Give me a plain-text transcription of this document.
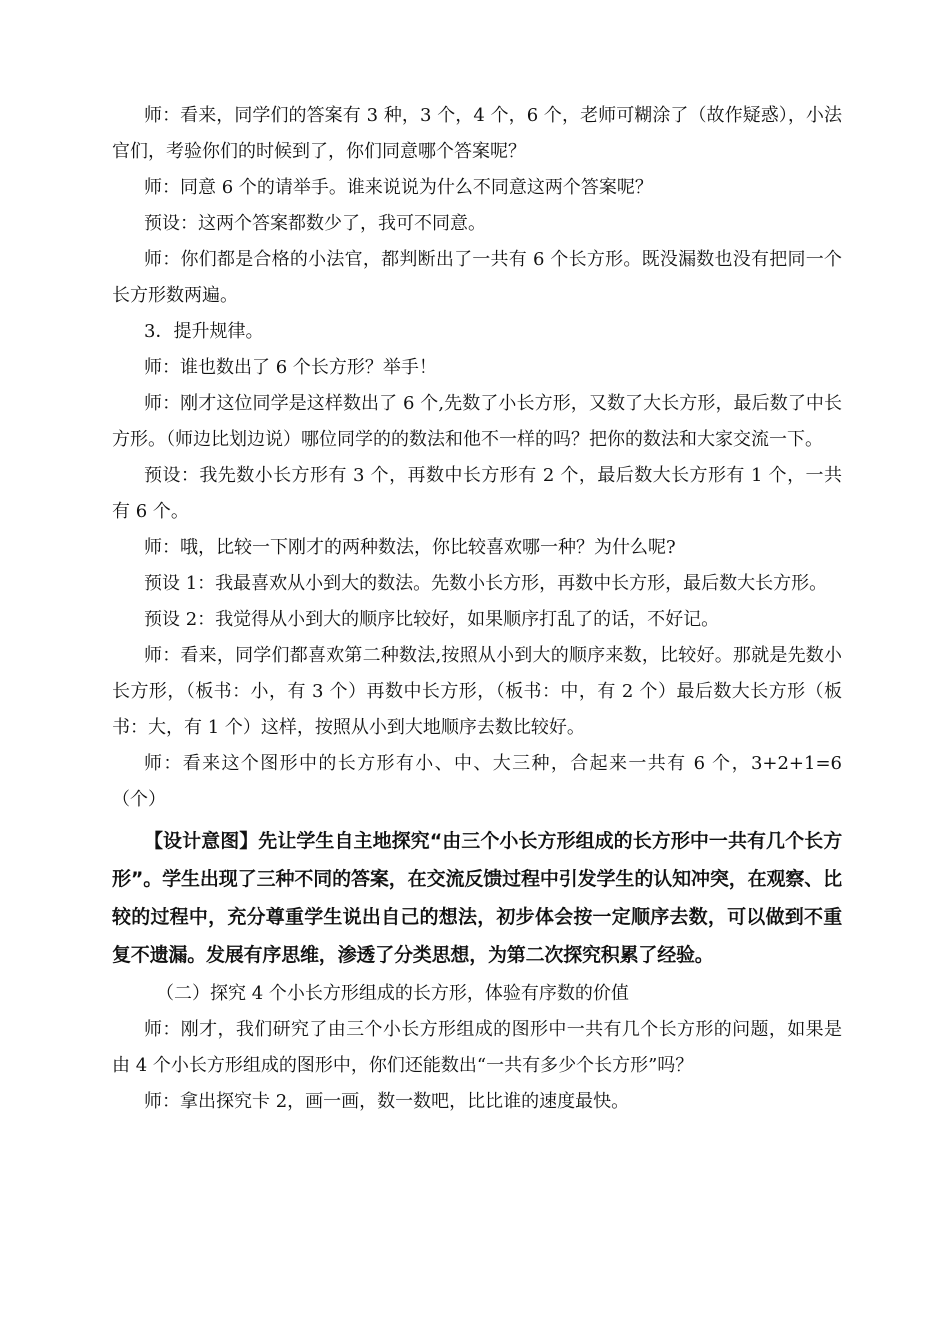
师：看来，同学们的答案有 3 种，3 个，4 个，6 个，老师可糊涂了（故作疑惑），小法官们，考验你们的时候到了，你们同意哪个答案呢？

师：同意 6 个的请举手。谁来说说为什么不同意这两个答案呢？

预设：这两个答案都数少了，我可不同意。

师：你们都是合格的小法官，都判断出了一共有 6 个长方形。既没漏数也没有把同一个长方形数两遍。

3．提升规律。

师：谁也数出了 6 个长方形？举手！

师：刚才这位同学是这样数出了 6 个,先数了小长方形，又数了大长方形，最后数了中长方形。（师边比划边说）哪位同学的的数法和他不一样的吗？把你的数法和大家交流一下。

预设：我先数小长方形有 3 个，再数中长方形有 2 个，最后数大长方形有 1 个，一共有 6 个。

师：哦，比较一下刚才的两种数法，你比较喜欢哪一种？为什么呢?

预设 1：我最喜欢从小到大的数法。先数小长方形，再数中长方形，最后数大长方形。

预设 2：我觉得从小到大的顺序比较好，如果顺序打乱了的话，不好记。

师：看来，同学们都喜欢第二种数法,按照从小到大的顺序来数，比较好。那就是先数小长方形，（板书：小，有 3 个）再数中长方形，（板书：中，有 2 个）最后数大长方形（板书：大，有 1 个）这样，按照从小到大地顺序去数比较好。

师：看来这个图形中的长方形有小、中、大三种，合起来一共有 6 个，3+2+1=6（个）

【设计意图】先让学生自主地探究“由三个小长方形组成的长方形中一共有几个长方形”。学生出现了三种不同的答案，在交流反馈过程中引发学生的认知冲突，在观察、比较的过程中，充分尊重学生说出自己的想法，初步体会按一定顺序去数，可以做到不重复不遗漏。发展有序思维，渗透了分类思想，为第二次探究积累了经验。

（二）探究 4 个小长方形组成的长方形，体验有序数的价值

师：刚才，我们研究了由三个小长方形组成的图形中一共有几个长方形的问题，如果是由 4 个小长方形组成的图形中，你们还能数出“一共有多少个长方形”吗？

师：拿出探究卡 2，画一画，数一数吧，比比谁的速度最快。
